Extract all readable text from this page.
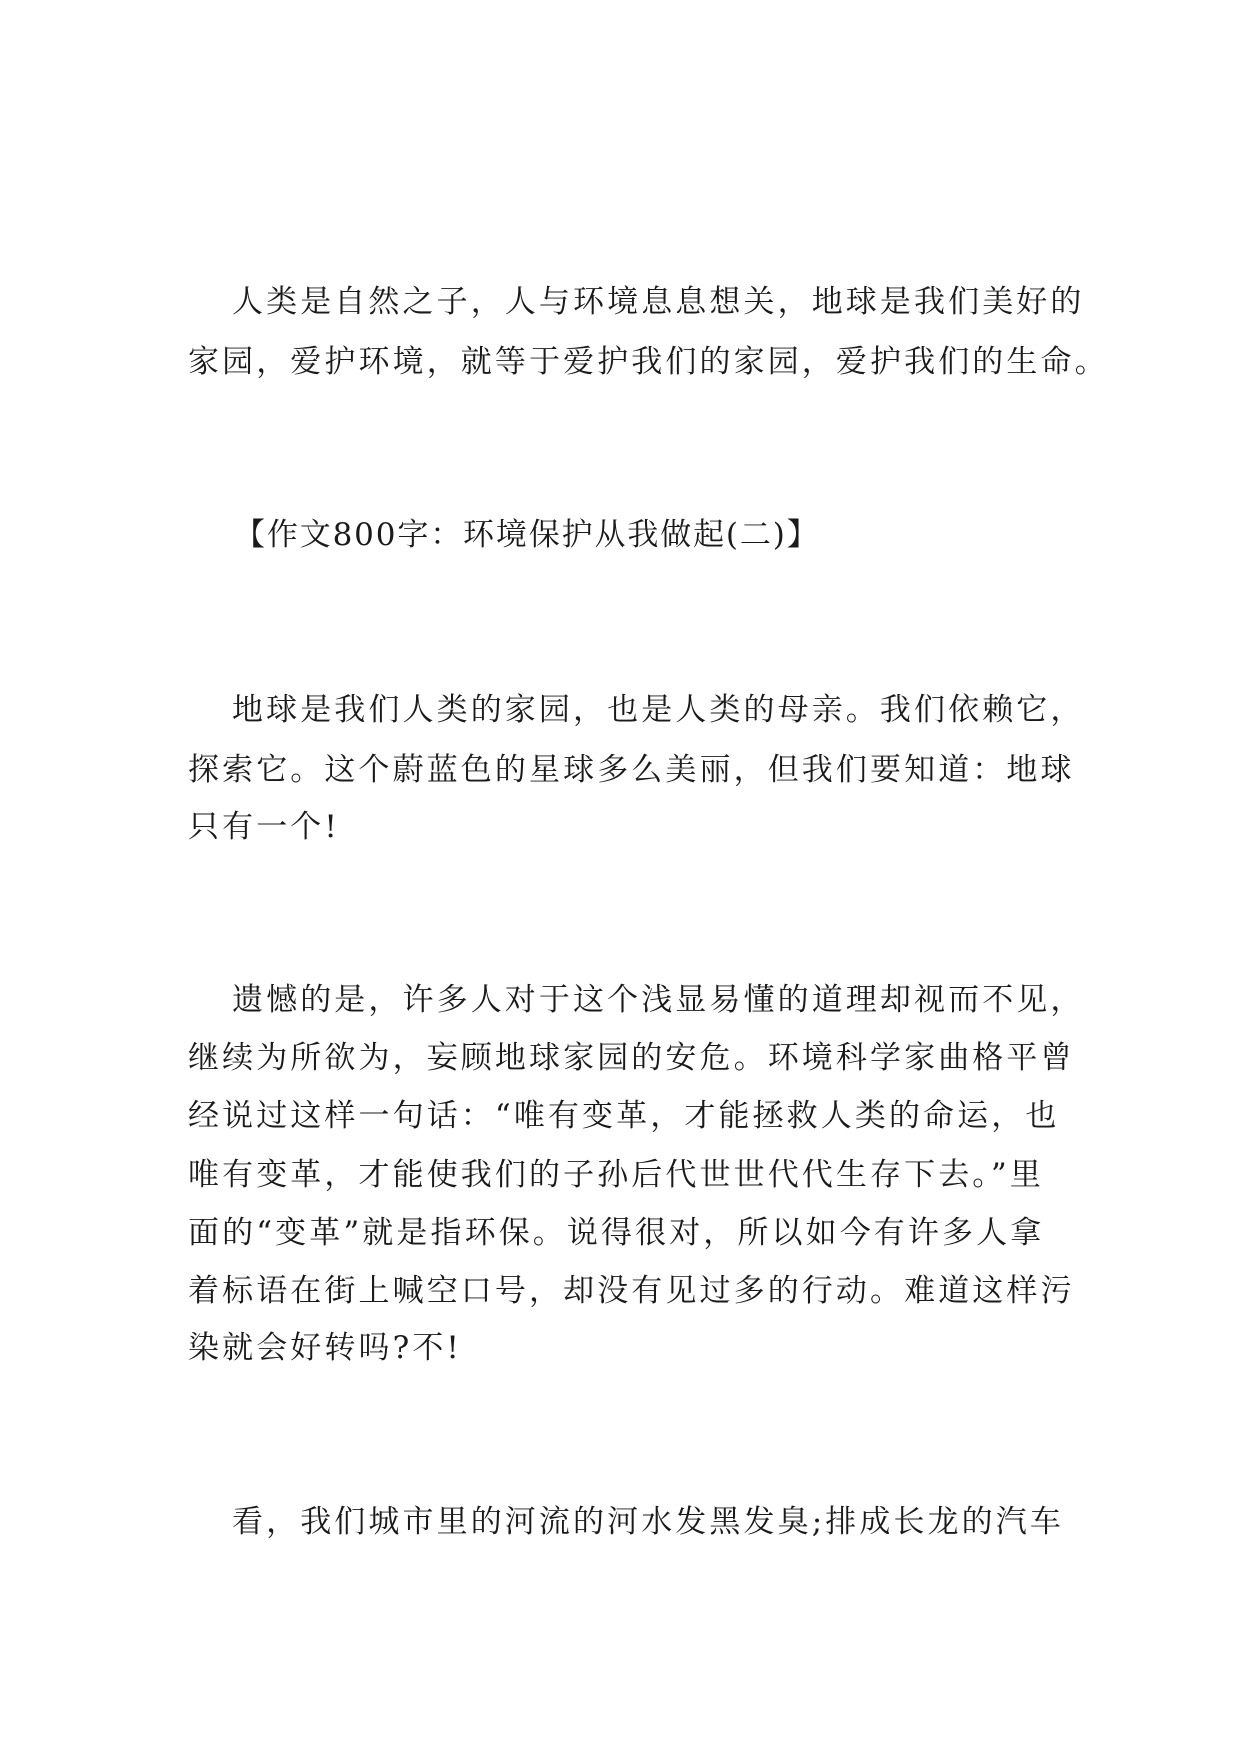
人类是自然之子，人与环境息息想关，地球是我们美好的
家园，爱护环境，就等于爱护我们的家园，爱护我们的生命。
【作文800字：环境保护从我做起(二)】
地球是我们人类的家园，也是人类的母亲。我们依赖它，
探索它。这个蔚蓝色的星球多么美丽，但我们要知道：地球
只有一个!
遗憾的是，许多人对于这个浅显易懂的道理却视而不见，
继续为所欲为，妄顾地球家园的安危。环境科学家曲格平曾
经说过这样一句话：“唯有变革，才能拯救人类的命运，也
唯有变革，才能使我们的子孙后代世世代代生存下去。”里
面的“变革”就是指环保。说得很对，所以如今有许多人拿
着标语在街上喊空口号，却没有见过多的行动。难道这样污
染就会好转吗?不!
看，我们城市里的河流的河水发黑发臭;排成长龙的汽车
